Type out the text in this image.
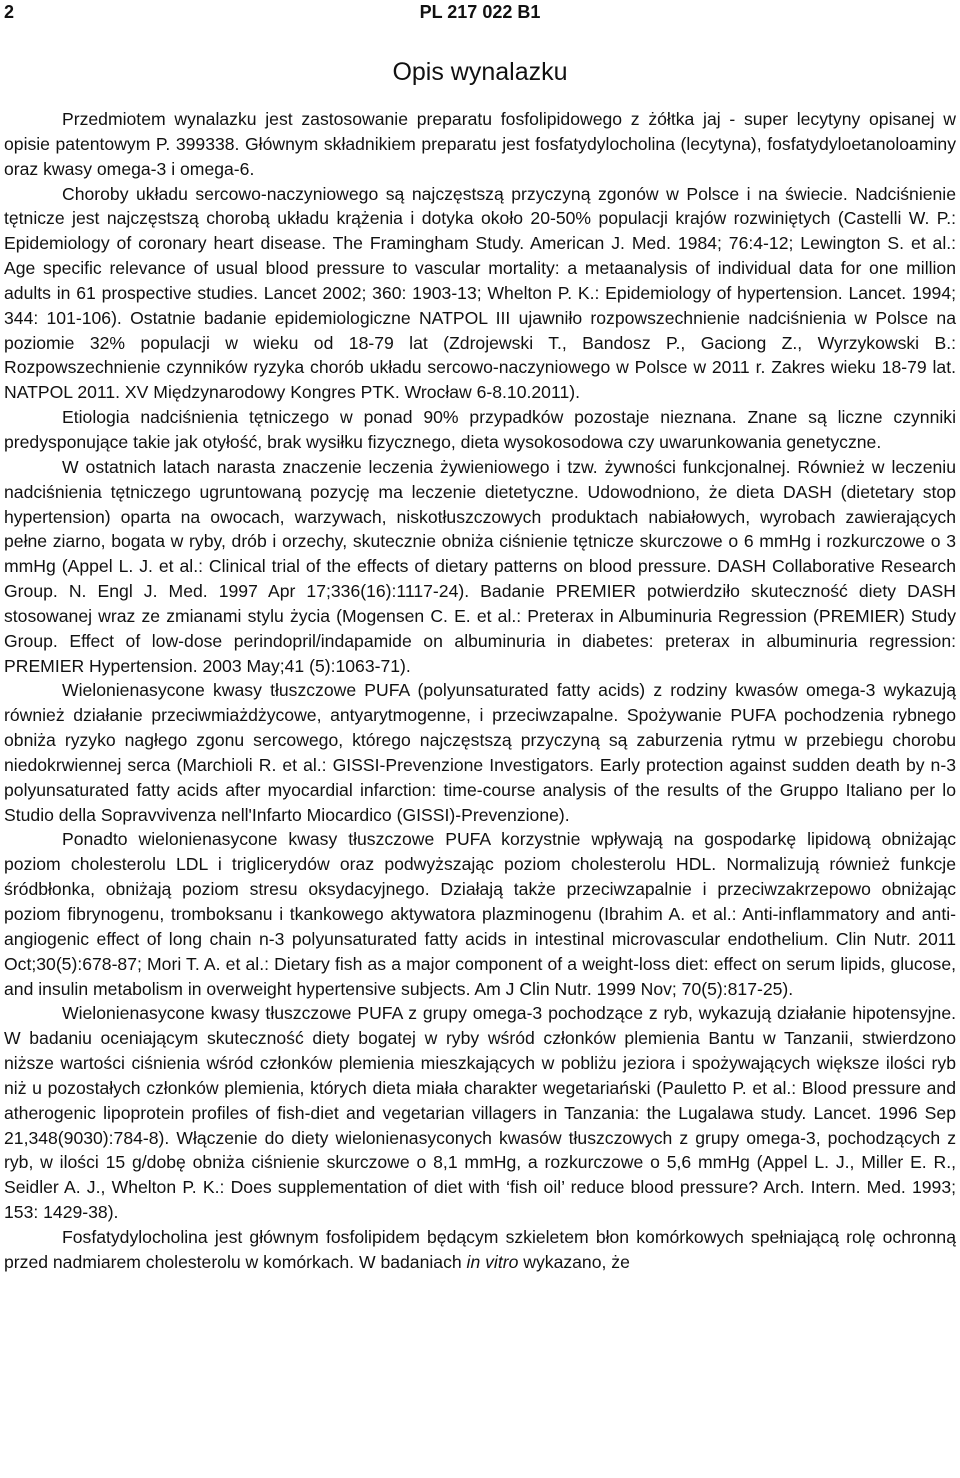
2	PL 217 022 B1
Opis wynalazku

Przedmiotem wynalazku jest zastosowanie preparatu fosfolipidowego z żółtka jaj - super lecytyny opisanej w opisie patentowym P. 399338. Głównym składnikiem preparatu jest fosfatydylocholina (lecytyna), fosfatydyloetanoloaminy oraz kwasy omega-3 i omega-6.

Choroby układu sercowo-naczyniowego są najczęstszą przyczyną zgonów w Polsce i na świecie. Nadciśnienie tętnicze jest najczęstszą chorobą układu krążenia i dotyka około 20-50% populacji krajów rozwiniętych (Castelli W. P.: Epidemiology of coronary heart disease. The Framingham Study. American J. Med. 1984; 76:4-12; Lewington S. et al.: Age specific relevance of usual blood pressure to vascular mortality: a metaanalysis of individual data for one million adults in 61 prospective studies. Lancet 2002; 360: 1903-13; Whelton P. K.: Epidemiology of hypertension. Lancet. 1994; 344: 101-106). Ostatnie badanie epidemiologiczne NATPOL III ujawniło rozpowszechnienie nadciśnienia w Polsce na poziomie 32% populacji w wieku od 18-79 lat (Zdrojewski T., Bandosz P., Gaciong Z., Wyrzykowski B.: Rozpowszechnienie czynników ryzyka chorób układu sercowo-naczyniowego w Polsce w 2011 r. Zakres wieku 18-79 lat. NATPOL 2011. XV Międzynarodowy Kongres PTK. Wrocław 6-8.10.2011).

Etiologia nadciśnienia tętniczego w ponad 90% przypadków pozostaje nieznana. Znane są liczne czynniki predysponujące takie jak otyłość, brak wysiłku fizycznego, dieta wysokosodowa czy uwarunkowania genetyczne.

W ostatnich latach narasta znaczenie leczenia żywieniowego i tzw. żywności funkcjonalnej. Również w leczeniu nadciśnienia tętniczego ugruntowaną pozycję ma leczenie dietetyczne. Udowodniono, że dieta DASH (dietetary stop hypertension) oparta na owocach, warzywach, niskotłuszczowych produktach nabiałowych, wyrobach zawierających pełne ziarno, bogata w ryby, drób i orzechy, skutecznie obniża ciśnienie tętnicze skurczowe o 6 mmHg i rozkurczowe o 3 mmHg (Appel L. J. et al.: Clinical trial of the effects of dietary patterns on blood pressure. DASH Collaborative Research Group. N. Engl J. Med. 1997 Apr 17;336(16):1117-24). Badanie PREMIER potwierdziło skuteczność diety DASH stosowanej wraz ze zmianami stylu życia (Mogensen C. E. et al.: Preterax in Albuminuria Regression (PREMIER) Study Group. Effect of low-dose perindopril/indapamide on albuminuria in diabetes: preterax in albuminuria regression: PREMIER Hypertension. 2003 May;41 (5):1063-71).

Wielonienasycone kwasy tłuszczowe PUFA (polyunsaturated fatty acids) z rodziny kwasów omega-3 wykazują również działanie przeciwmiażdżycowe, antyarytmogenne, i przeciwzapalne. Spożywanie PUFA pochodzenia rybnego obniża ryzyko nagłego zgonu sercowego, którego najczęstszą przyczyną są zaburzenia rytmu w przebiegu chorobu niedokrwiennej serca (Marchioli R. et al.: GISSI-Prevenzione Investigators. Early protection against sudden death by n-3 polyunsaturated fatty acids after myocardial infarction: time-course analysis of the results of the Gruppo Italiano per lo Studio della Sopravvivenza nell'Infarto Miocardico (GISSI)-Prevenzione).

Ponadto wielonienasycone kwasy tłuszczowe PUFA korzystnie wpływają na gospodarkę lipidową obniżając poziom cholesterolu LDL i triglicerydów oraz podwyższając poziom cholesterolu HDL. Normalizują również funkcje śródbłonka, obniżają poziom stresu oksydacyjnego. Działają także przeciwzapalnie i przeciwzakrzepowo obniżając poziom fibrynogenu, tromboksanu i tkankowego aktywatora plazminogenu (Ibrahim A. et al.: Anti-inflammatory and anti-angiogenic effect of long chain n-3 polyunsaturated fatty acids in intestinal microvascular endothelium. Clin Nutr. 2011 Oct;30(5):678-87; Mori T. A. et al.: Dietary fish as a major component of a weight-loss diet: effect on serum lipids, glucose, and insulin metabolism in overweight hypertensive subjects. Am J Clin Nutr. 1999 Nov; 70(5):817-25).

Wielonienasycone kwasy tłuszczowe PUFA z grupy omega-3 pochodzące z ryb, wykazują działanie hipotensyjne. W badaniu oceniającym skuteczność diety bogatej w ryby wśród członków plemienia Bantu w Tanzanii, stwierdzono niższe wartości ciśnienia wśród członków plemienia mieszkających w pobliżu jeziora i spożywających większe ilości ryb niż u pozostałych członków plemienia, których dieta miała charakter wegetariański (Pauletto P. et al.: Blood pressure and atherogenic lipoprotein profiles of fish-diet and vegetarian villagers in Tanzania: the Lugalawa study. Lancet. 1996 Sep 21,348(9030):784-8). Włączenie do diety wielonienasyconych kwasów tłuszczowych z grupy omega-3, pochodzących z ryb, w ilości 15 g/dobę obniża ciśnienie skurczowe o 8,1 mmHg, a rozkurczowe o 5,6 mmHg (Appel L. J., Miller E. R., Seidler A. J., Whelton P. K.: Does supplementation of diet with ‘fish oil’ reduce blood pressure? Arch. Intern. Med. 1993; 153: 1429-38).

Fosfatydylocholina jest głównym fosfolipidem będącym szkieletem błon komórkowych spełniającą rolę ochronną przed nadmiarem cholesterolu w komórkach. W badaniach in vitro wykazano, że
